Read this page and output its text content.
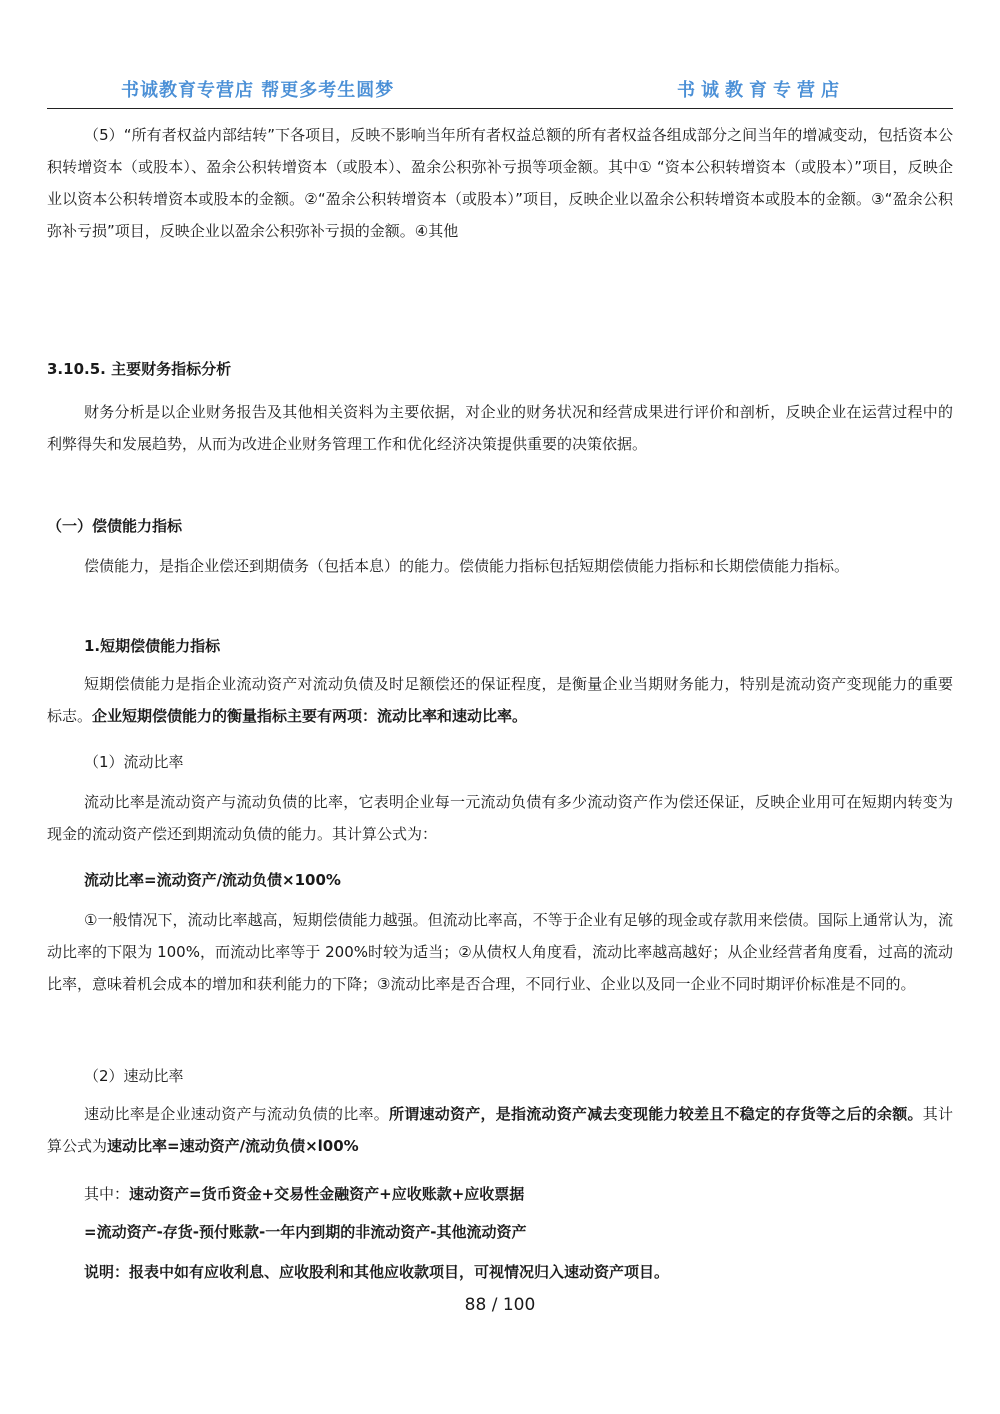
书诚教育专营店 帮更多考生圆梦	书诚教育专营店

（5）“所有者权益内部结转”下各项目，反映不影响当年所有者权益总额的所有者权益各组成部分之间当年的增减变动，包括资本公积转增资本（或股本）、盈余公积转增资本（或股本）、盈余公积弥补亏损等项金额。其中① “资本公积转增资本（或股本）”项目，反映企业以资本公积转增资本或股本的金额。②“盈余公积转增资本（或股本）”项目，反映企业以盈余公积转增资本或股本的金额。③“盈余公积弥补亏损”项目，反映企业以盈余公积弥补亏损的金额。④其他

3.10.5. 主要财务指标分析

财务分析是以企业财务报告及其他相关资料为主要依据，对企业的财务状况和经营成果进行评价和剖析，反映企业在运营过程中的利弊得失和发展趋势，从而为改进企业财务管理工作和优化经济决策提供重要的决策依据。

（一）偿债能力指标

偿债能力，是指企业偿还到期债务（包括本息）的能力。偿债能力指标包括短期偿债能力指标和长期偿债能力指标。

1.短期偿债能力指标

短期偿债能力是指企业流动资产对流动负债及时足额偿还的保证程度，是衡量企业当期财务能力，特别是流动资产变现能力的重要标志。企业短期偿债能力的衡量指标主要有两项：流动比率和速动比率。

（1）流动比率

流动比率是流动资产与流动负债的比率，它表明企业每一元流动负债有多少流动资产作为偿还保证，反映企业用可在短期内转变为现金的流动资产偿还到期流动负债的能力。其计算公式为：

流动比率=流动资产/流动负债×100%

①一般情况下，流动比率越高，短期偿债能力越强。但流动比率高，不等于企业有足够的现金或存款用来偿债。国际上通常认为，流动比率的下限为 100%，而流动比率等于 200%时较为适当；②从债权人角度看，流动比率越高越好；从企业经营者角度看，过高的流动比率，意味着机会成本的增加和获利能力的下降；③流动比率是否合理，不同行业、企业以及同一企业不同时期评价标准是不同的。

（2）速动比率

速动比率是企业速动资产与流动负债的比率。所谓速动资产，是指流动资产减去变现能力较差且不稳定的存货等之后的余额。其计算公式为速动比率=速动资产/流动负债×l00%

其中：速动资产=货币资金+交易性金融资产+应收账款+应收票据

=流动资产-存货-预付账款-一年内到期的非流动资产-其他流动资产

说明：报表中如有应收利息、应收股利和其他应收款项目，可视情况归入速动资产项目。

88 / 100
